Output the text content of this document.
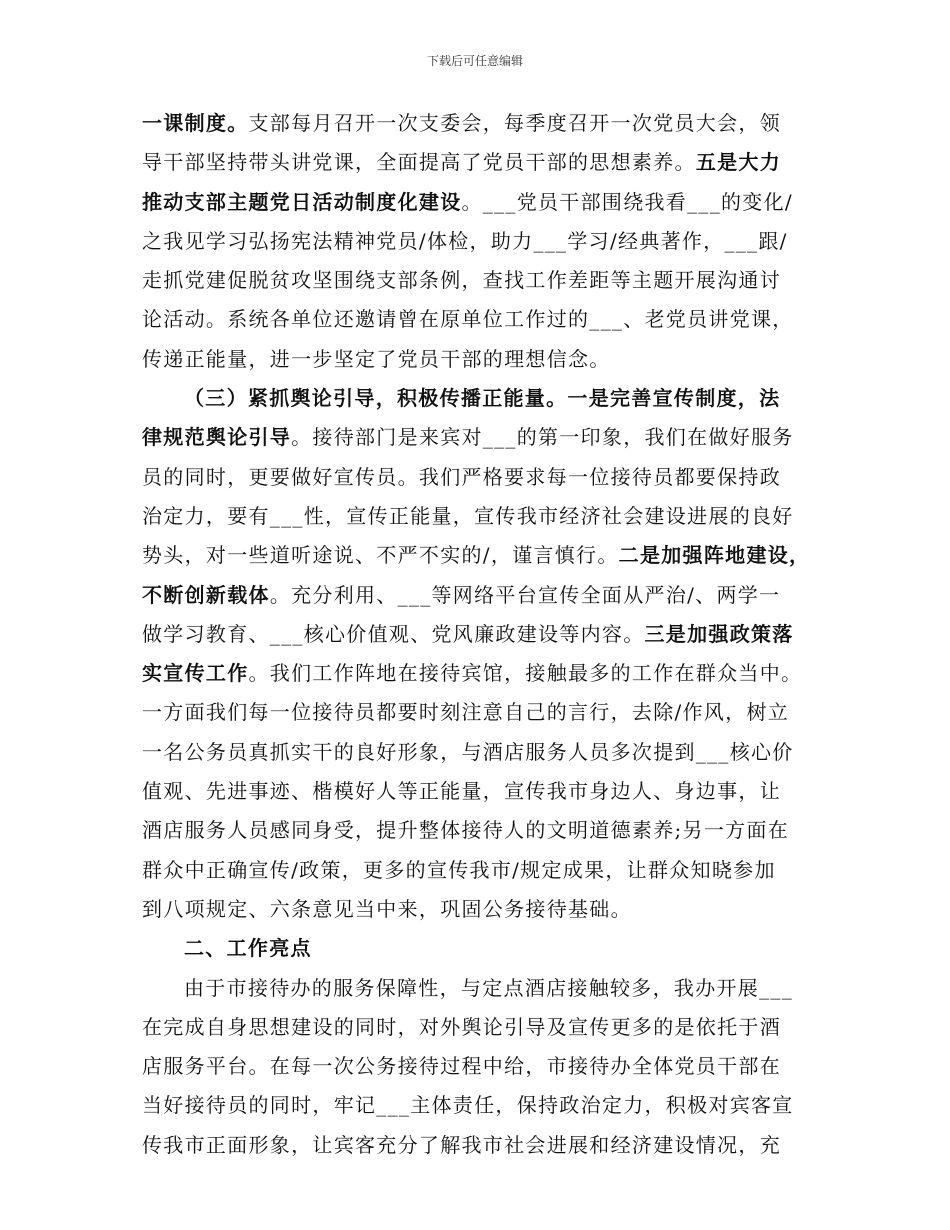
下载后可任意编辑
一课制度。支部每月召开一次支委会，每季度召开一次党员大会，领
导干部坚持带头讲党课，全面提高了党员干部的思想素养。五是大力
推动支部主题党日活动制度化建设。___党员干部围绕我看___的变化/
之我见学习弘扬宪法精神党员/体检，助力___学习/经典著作，___跟/
走抓党建促脱贫攻坚围绕支部条例，查找工作差距等主题开展沟通讨
论活动。系统各单位还邀请曾在原单位工作过的___、老党员讲党课，
传递正能量，进一步坚定了党员干部的理想信念。
（三）紧抓舆论引导，积极传播正能量。一是完善宣传制度，法
律规范舆论引导。接待部门是来宾对___的第一印象，我们在做好服务
员的同时，更要做好宣传员。我们严格要求每一位接待员都要保持政
治定力，要有___性，宣传正能量，宣传我市经济社会建设进展的良好
势头，对一些道听途说、不严不实的/，谨言慎行。二是加强阵地建设，
不断创新载体。充分利用、___等网络平台宣传全面从严治/、两学一
做学习教育、___核心价值观、党风廉政建设等内容。三是加强政策落
实宣传工作。我们工作阵地在接待宾馆，接触最多的工作在群众当中。
一方面我们每一位接待员都要时刻注意自己的言行，去除/作风，树立
一名公务员真抓实干的良好形象，与酒店服务人员多次提到___核心价
值观、先进事迹、楷模好人等正能量，宣传我市身边人、身边事，让
酒店服务人员感同身受，提升整体接待人的文明道德素养;另一方面在
群众中正确宣传/政策，更多的宣传我市/规定成果，让群众知晓参加
到八项规定、六条意见当中来，巩固公务接待基础。
二、工作亮点
由于市接待办的服务保障性，与定点酒店接触较多，我办开展___
在完成自身思想建设的同时，对外舆论引导及宣传更多的是依托于酒
店服务平台。在每一次公务接待过程中给，市接待办全体党员干部在
当好接待员的同时，牢记___主体责任，保持政治定力，积极对宾客宣
传我市正面形象，让宾客充分了解我市社会进展和经济建设情况，充
